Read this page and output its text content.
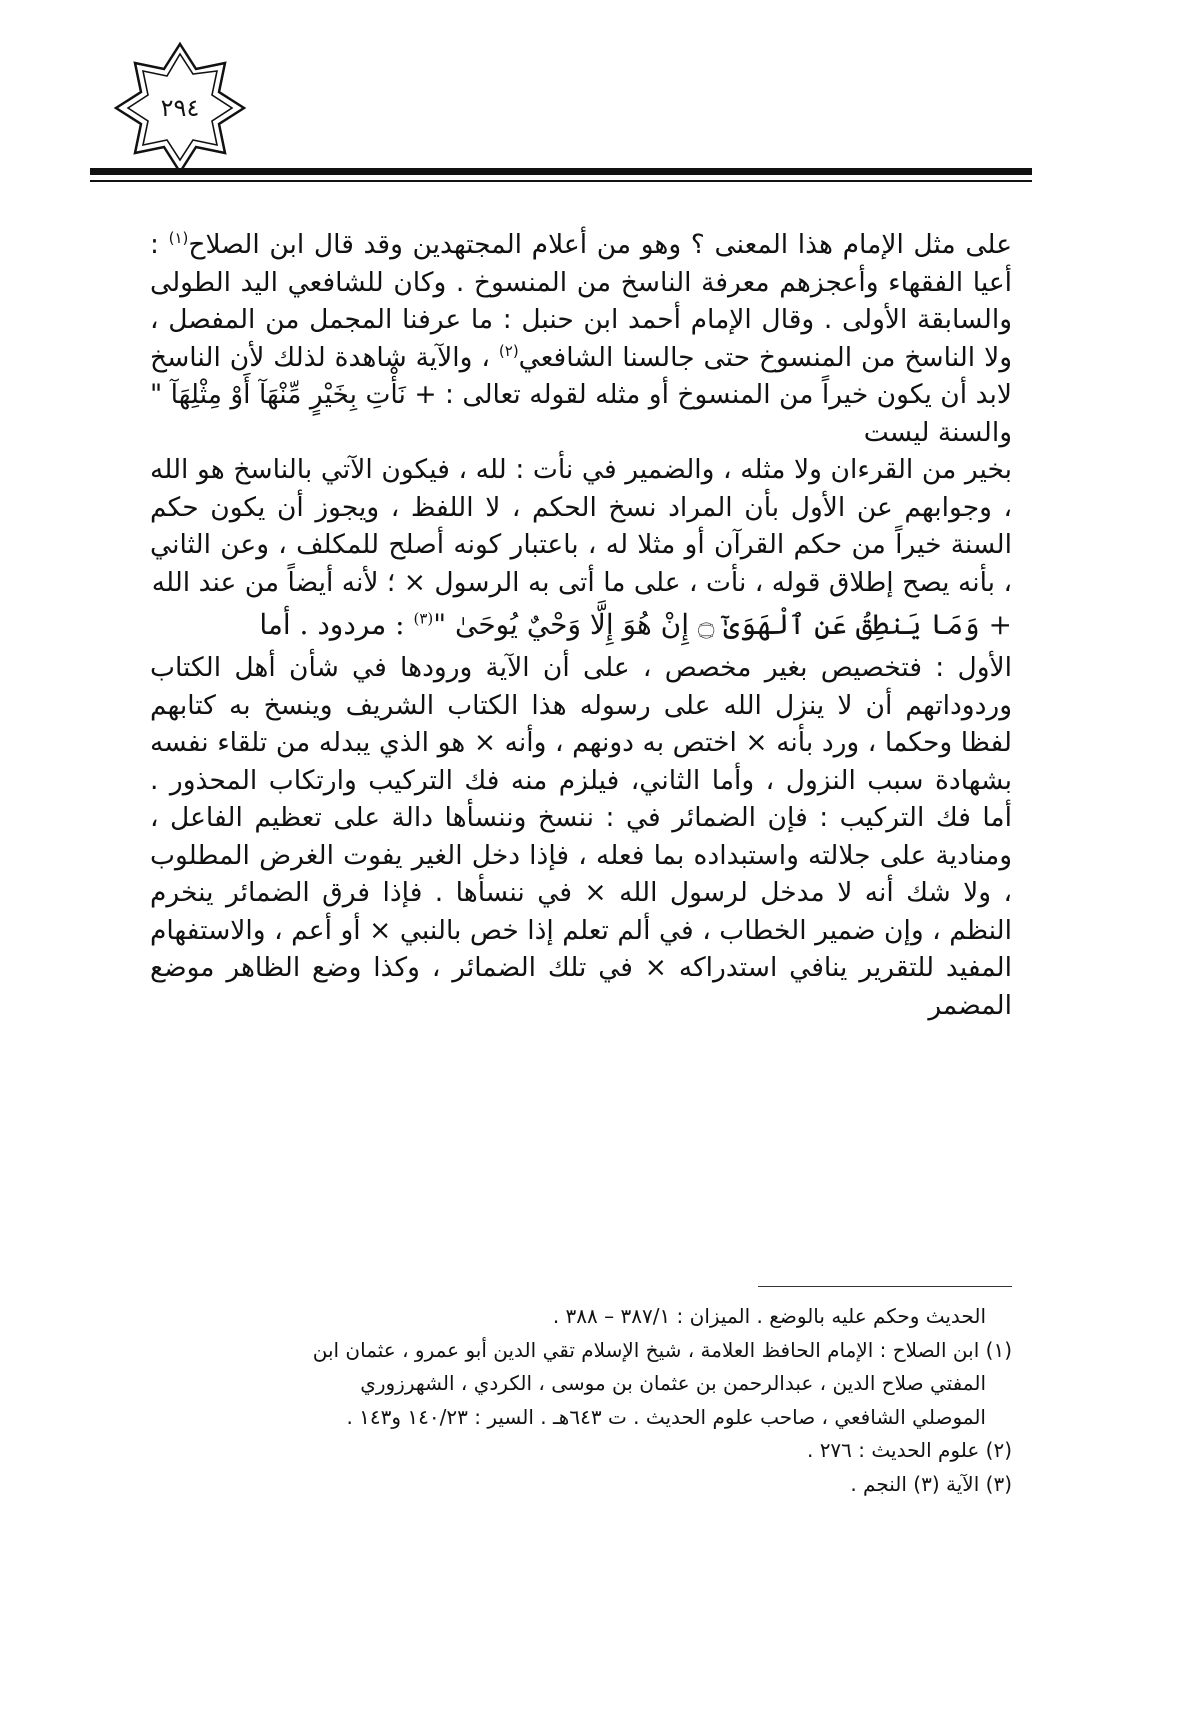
٢٩٤

على مثل الإمام هذا المعنى ؟ وهو من أعلام المجتهدين وقد قال ابن الصلاح$^{(١)}$ : أعيا الفقهاء وأعجزهم معرفة الناسخ من المنسوخ . وكان للشافعي اليد الطولى والسابقة الأولى . وقال الإمام أحمد ابن حنبل : ما عرفنا المجمل من المفصل ، ولا الناسخ من المنسوخ حتى جالسنا الشافعي$^{(٢)}$ ، والآية شاهدة لذلك لأن الناسخ لابد أن يكون خيراً من المنسوخ أو مثله لقوله تعالى : + نَأْتِ بِخَيْرٍ مِّنْهَآ أَوْ مِثْلِهَآ " والسنة ليست

بخير من القرءان ولا مثله ، والضمير في نأت : لله ، فيكون الآتي بالناسخ هو الله ، وجوابهم عن الأول بأن المراد نسخ الحكم ، لا اللفظ ، ويجوز أن يكون حكم السنة خيراً من حكم القرآن أو مثلا له ، باعتبار كونه أصلح للمكلف ، وعن الثاني ، بأنه يصح إطلاق قوله ، نأت ، على ما أتى به الرسول × ؛ لأنه أيضاً من عند الله

+ وَمَا يَنطِقُ عَنِ ٱلْهَوَىٰٓ ۝ إِنْ هُوَ إِلَّا وَحْيٌ يُوحَىٰ "$^{(٣)}$ : مردود . أما

الأول : فتخصيص بغير مخصص ، على أن الآية ورودها في شأن أهل الكتاب وردوداتهم أن لا ينزل الله على رسوله هذا الكتاب الشريف وينسخ به كتابهم لفظا وحكما ، ورد بأنه × اختص به دونهم ، وأنه × هو الذي يبدله من تلقاء نفسه بشهادة سبب النزول ، وأما الثاني، فيلزم منه فك التركيب وارتكاب المحذور . أما فك التركيب : فإن الضمائر في : ننسخ وننسأها دالة على تعظيم الفاعل ، ومنادية على جلالته واستبداده بما فعله ، فإذا دخل الغير يفوت الغرض المطلوب ، ولا شك أنه لا مدخل لرسول الله × في ننسأها . فإذا فرق الضمائر ينخرم النظم ، وإن ضمير الخطاب ، في ألم تعلم إذا خص بالنبي × أو أعم ، والاستفهام المفيد للتقرير ينافي استدراكه × في تلك الضمائر ، وكذا وضع الظاهر موضع المضمر

الحديث وحكم عليه بالوضع . الميزان : ٣٨٧/١ – ٣٨٨ .

(١) ابن الصلاح : الإمام الحافظ العلامة ، شيخ الإسلام تقي الدين أبو عمرو ، عثمان ابن

المفتي صلاح الدين ، عبدالرحمن بن عثمان بن موسى ، الكردي ، الشهرزوري

الموصلي الشافعي ، صاحب علوم الحديث . ت ٦٤٣هـ . السير : ١٤٠/٢٣ و١٤٣ .

(٢) علوم الحديث : ٢٧٦ .

(٣) الآية (٣) النجم .
